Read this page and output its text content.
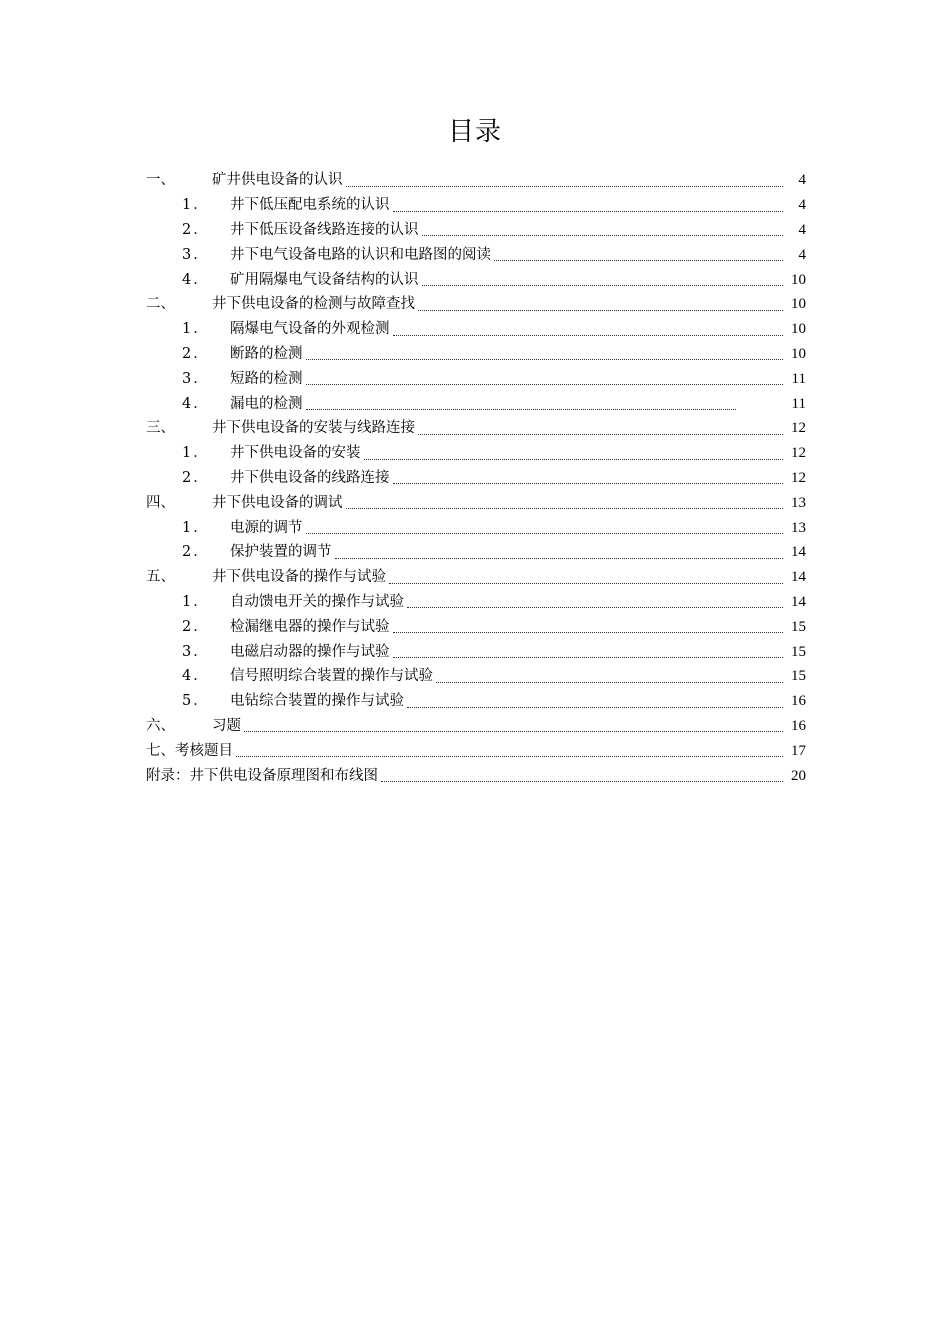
目录
一、	矿井供电设备的认识	4
1．	井下低压配电系统的认识	4
2．	井下低压设备线路连接的认识	4
3．	井下电气设备电路的认识和电路图的阅读	4
4．	矿用隔爆电气设备结构的认识	10
二、	井下供电设备的检测与故障查找	10
1．	隔爆电气设备的外观检测	10
2．	断路的检测	10
3．	短路的检测	11
4．	漏电的检测	11
三、	井下供电设备的安装与线路连接	12
1．	井下供电设备的安装	12
2．	井下供电设备的线路连接	12
四、	井下供电设备的调试	13
1．	电源的调节	13
2．	保护装置的调节	14
五、	井下供电设备的操作与试验	14
1．	自动馈电开关的操作与试验	14
2．	检漏继电器的操作与试验	15
3．	电磁启动器的操作与试验	15
4．	信号照明综合装置的操作与试验	15
5．	电钻综合装置的操作与试验	16
六、	习题	16
七、考核题目	17
附录：井下供电设备原理图和布线图	20
